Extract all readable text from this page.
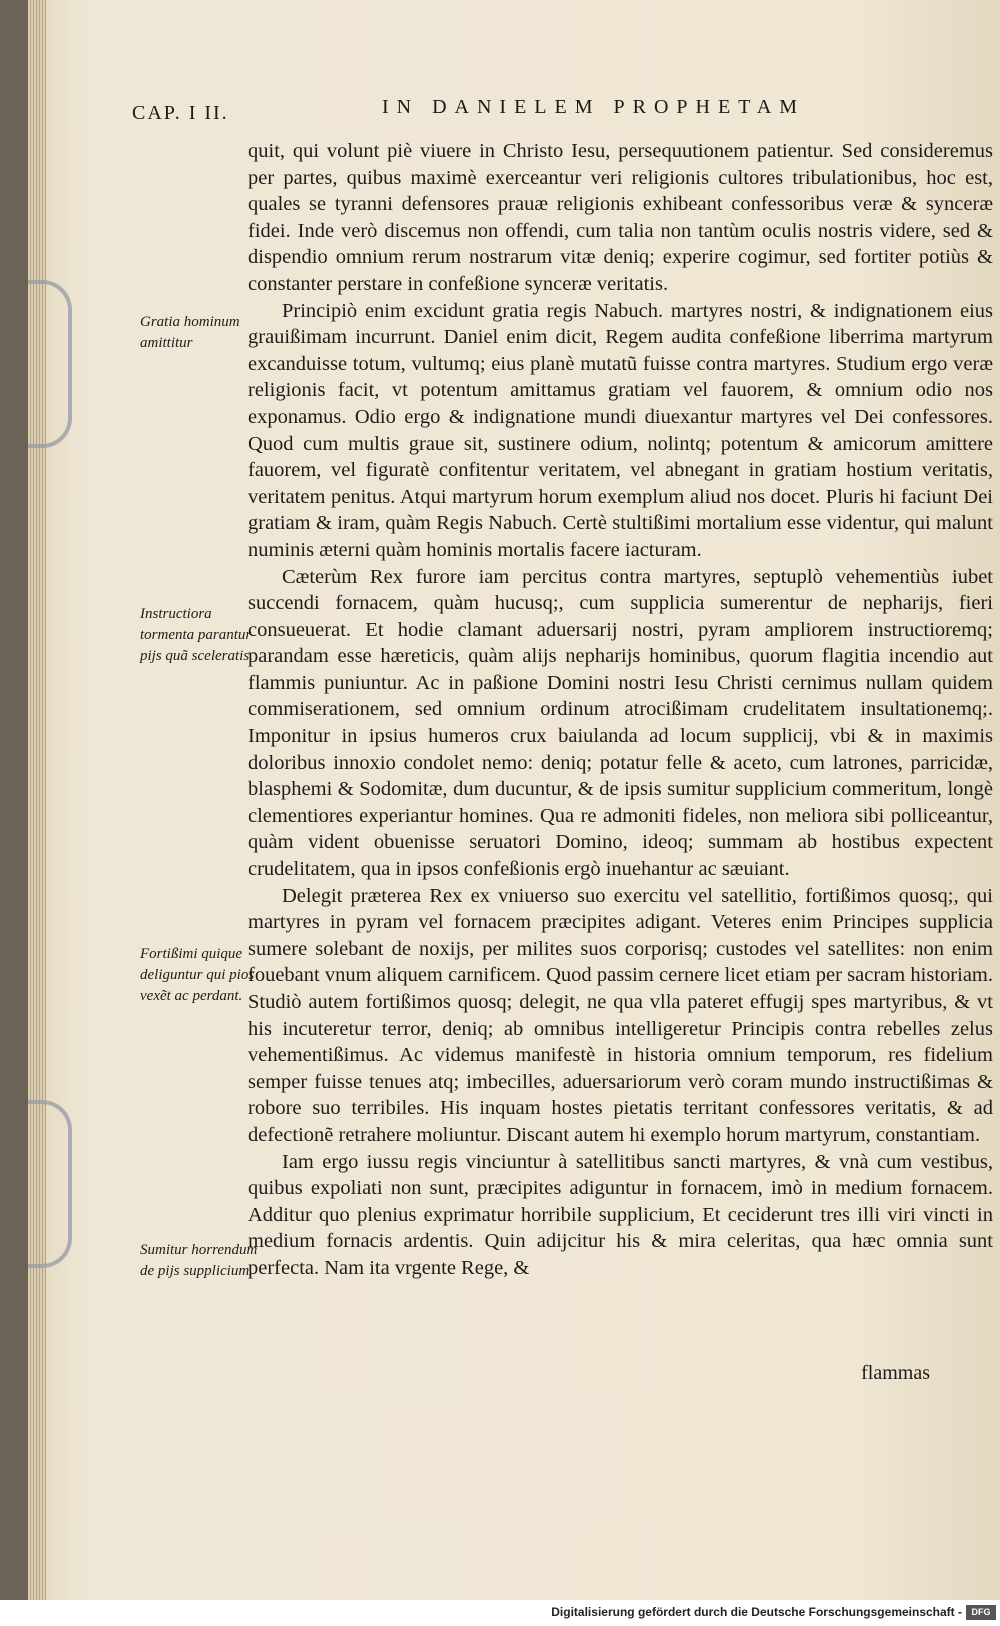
CAP. I II.	IN DANIELEM PROPHETAM
Gratia hominum amittitur
Instructiora tormenta parantur pijs quã sceleratis.
Fortißimi quique deliguntur qui pios vexẽt ac perdant.
Sumitur horrendum de pijs supplicium.

quit, qui volunt piè viuere in Christo Iesu, persequutionem patientur. Sed consideremus per partes, quibus maximè exerceantur veri religionis cultores tribulationibus, hoc est, quales se tyranni defensores prauæ religionis exhibeant confessoribus veræ & synceræ fidei. Inde verò discemus non offendi, cum talia non tantùm oculis nostris videre, sed & dispendio omnium rerum nostrarum vitæ deniq; experire cogimur, sed fortiter potiùs & constanter perstare in confeßione synceræ veritatis.

Principiò enim excidunt gratia regis Nabuch. martyres nostri, & indignationem eius grauißimam incurrunt. Daniel enim dicit, Regem audita confeßione liberrima martyrum excanduisse totum, vultumq; eius planè mutatũ fuisse contra martyres. Studium ergo veræ religionis facit, vt potentum amittamus gratiam vel fauorem, & omnium odio nos exponamus. Odio ergo & indignatione mundi diuexantur martyres vel Dei confessores. Quod cum multis graue sit, sustinere odium, nolintq; potentum & amicorum amittere fauorem, vel figuratè confitentur veritatem, vel abnegant in gratiam hostium veritatis, veritatem penitus. Atqui martyrum horum exemplum aliud nos docet. Pluris hi faciunt Dei gratiam & iram, quàm Regis Nabuch. Certè stultißimi mortalium esse videntur, qui malunt numinis æterni quàm hominis mortalis facere iacturam.

Cæterùm Rex furore iam percitus contra martyres, septuplò vehementiùs iubet succendi fornacem, quàm hucusq;, cum supplicia sumerentur de nepharijs, fieri consueuerat. Et hodie clamant aduersarij nostri, pyram ampliorem instructioremq; parandam esse hæreticis, quàm alijs nepharijs hominibus, quorum flagitia incendio aut flammis puniuntur. Ac in paßione Domini nostri Iesu Christi cernimus nullam quidem commiserationem, sed omnium ordinum atrocißimam crudelitatem insultationemq;. Imponitur in ipsius humeros crux baiulanda ad locum supplicij, vbi & in maximis doloribus innoxio condolet nemo: deniq; potatur felle & aceto, cum latrones, parricidæ, blasphemi & Sodomitæ, dum ducuntur, & de ipsis sumitur supplicium commeritum, longè clementiores experiantur homines. Qua re admoniti fideles, non meliora sibi polliceantur, quàm vident obuenisse seruatori Domino, ideoq; summam ab hostibus expectent crudelitatem, qua in ipsos confeßionis ergò inuehantur ac sæuiant.

Delegit præterea Rex ex vniuerso suo exercitu vel satellitio, fortißimos quosq;, qui martyres in pyram vel fornacem præcipites adigant. Veteres enim Principes supplicia sumere solebant de noxijs, per milites suos corporisq; custodes vel satellites: non enim fouebant vnum aliquem carnificem. Quod passim cernere licet etiam per sacram historiam. Studiò autem fortißimos quosq; delegit, ne qua vlla pateret effugij spes martyribus, & vt his incuteretur terror, deniq; ab omnibus intelligeretur Principis contra rebelles zelus vehementißimus. Ac videmus manifestè in historia omnium temporum, res fidelium semper fuisse tenues atq; imbecilles, aduersariorum verò coram mundo instructißimas & robore suo terribiles. His inquam hostes pietatis territant confessores veritatis, & ad defectionẽ retrahere moliuntur. Discant autem hi exemplo horum martyrum, constantiam.

Iam ergo iussu regis vinciuntur à satellitibus sancti martyres, & vnà cum vestibus, quibus expoliati non sunt, præcipites adiguntur in fornacem, imò in medium fornacem. Additur quo plenius exprimatur horribile supplicium, Et ceciderunt tres illi viri vincti in medium fornacis ardentis. Quin adijcitur his & mira celeritas, qua hæc omnia sunt perfecta. Nam ita vrgente Rege, &

flammas
Digitalisierung gefördert durch die Deutsche Forschungsgemeinschaft -	DFG
